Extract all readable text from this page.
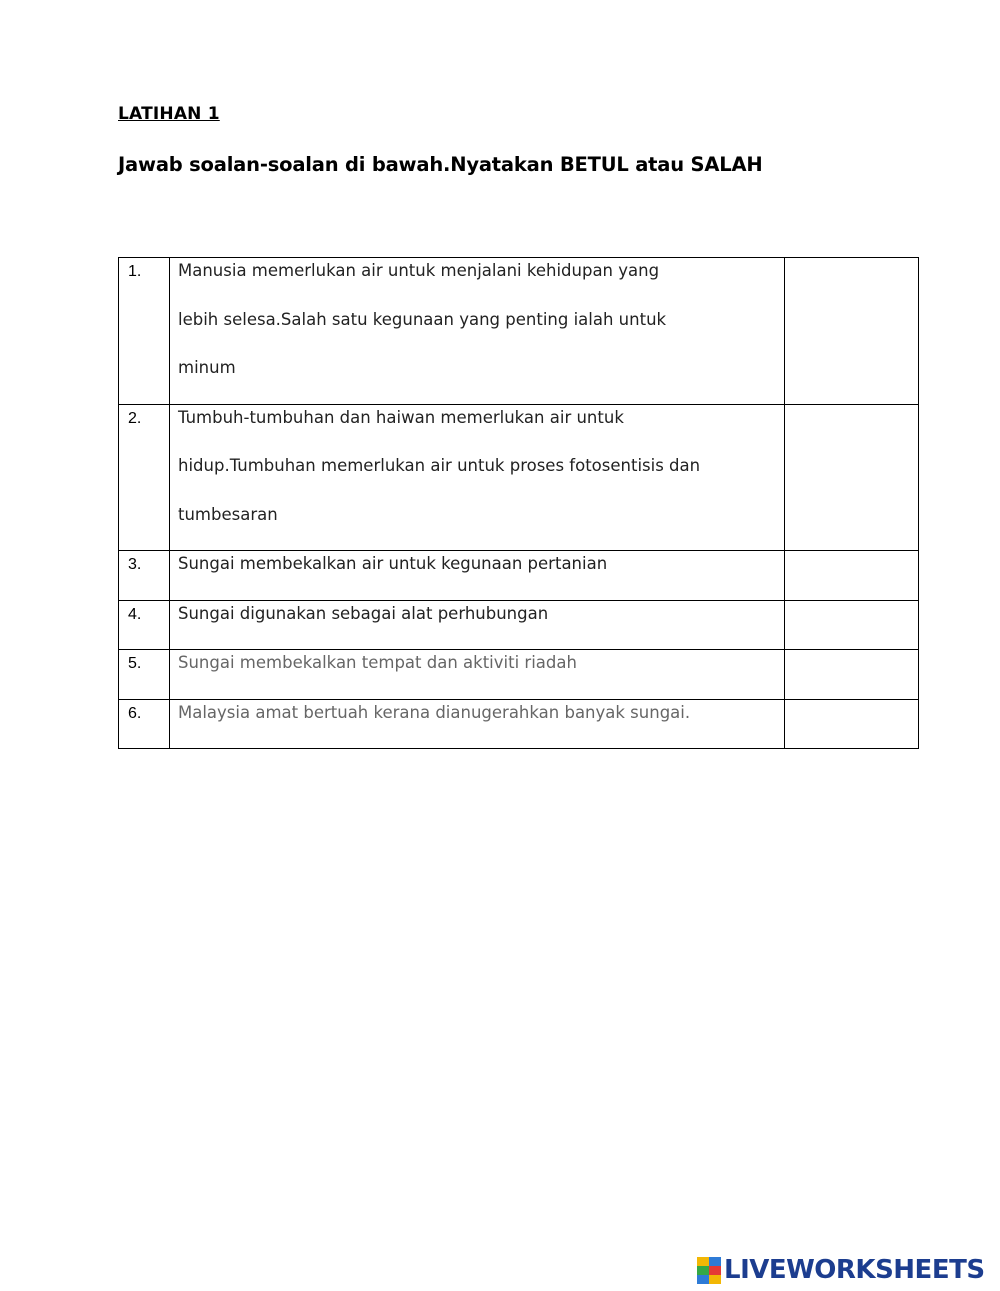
LATIHAN 1
Jawab soalan-soalan di bawah.Nyatakan BETUL atau SALAH
1.	Manusia memerlukan air untuk menjalani kehidupan yang
lebih selesa.Salah satu kegunaan yang penting ialah untuk
minum	

2.	Tumbuh-tumbuhan dan haiwan memerlukan air untuk
hidup.Tumbuhan memerlukan air untuk proses fotosentisis dan
tumbesaran	

3.	Sungai membekalkan air untuk kegunaan pertanian	

4.	Sungai digunakan sebagai alat perhubungan	

5.	Sungai membekalkan tempat dan aktiviti riadah	

6.	Malaysia amat bertuah kerana dianugerahkan banyak sungai.	

LIVEWORKSHEETS
